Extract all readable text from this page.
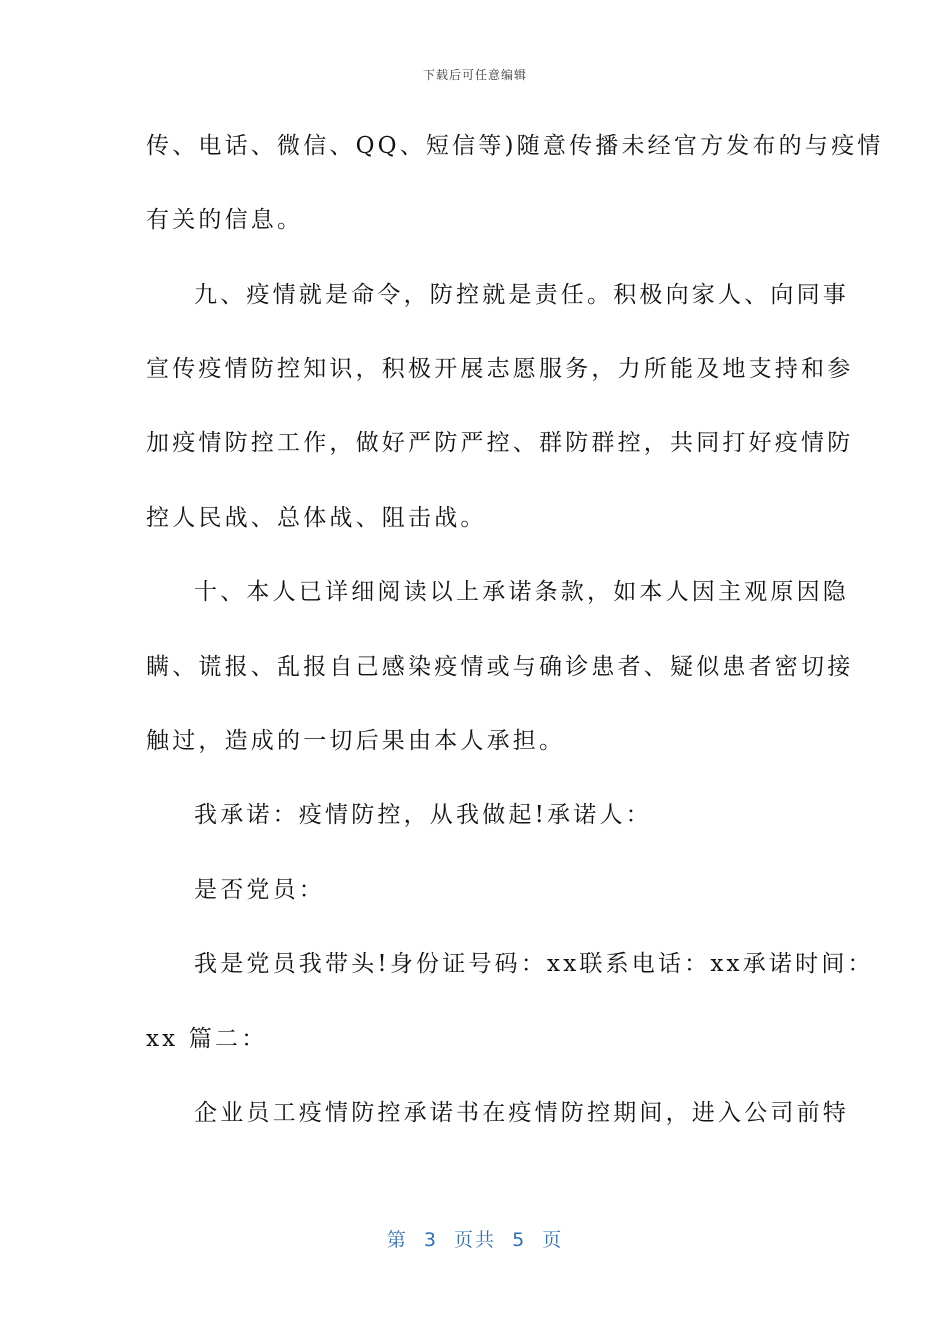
下载后可任意编辑
传、电话、微信、QQ、短信等)随意传播未经官方发布的与疫情
有关的信息。
九、疫情就是命令，防控就是责任。积极向家人、向同事
宣传疫情防控知识，积极开展志愿服务，力所能及地支持和参
加疫情防控工作，做好严防严控、群防群控，共同打好疫情防
控人民战、总体战、阻击战。
十、本人已详细阅读以上承诺条款，如本人因主观原因隐
瞒、谎报、乱报自己感染疫情或与确诊患者、疑似患者密切接
触过，造成的一切后果由本人承担。
我承诺：疫情防控，从我做起!承诺人：
是否党员：
我是党员我带头!身份证号码：xx联系电话：xx承诺时间：
xx 篇二：
企业员工疫情防控承诺书在疫情防控期间，进入公司前特
第  3  页共  5  页
